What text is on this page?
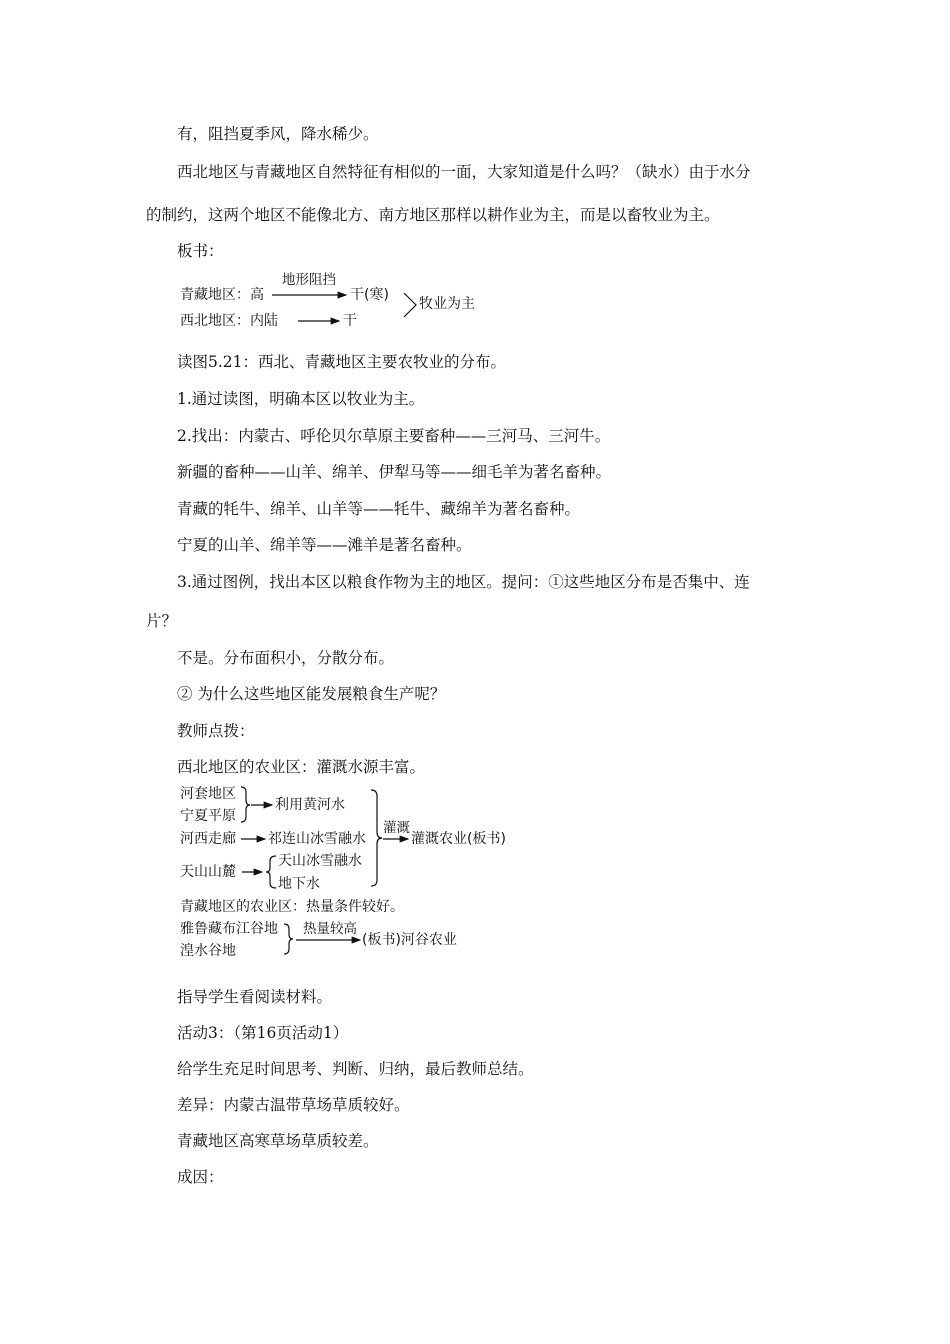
有，阻挡夏季风，降水稀少。
西北地区与青藏地区自然特征有相似的一面，大家知道是什么吗？（缺水）由于水分
的制约，这两个地区不能像北方、南方地区那样以耕作业为主，而是以畜牧业为主。
板书：
青藏地区：高
地形阻挡
干(寒)
西北地区：内陆	干
牧业为主
读图5.21：西北、青藏地区主要农牧业的分布。
1.通过读图，明确本区以牧业为主。
2.找出：内蒙古、呼伦贝尔草原主要畜种——三河马、三河牛。
新疆的畜种——山羊、绵羊、伊犁马等——细毛羊为著名畜种。
青藏的牦牛、绵羊、山羊等——牦牛、藏绵羊为著名畜种。
宁夏的山羊、绵羊等——滩羊是著名畜种。
3.通过图例，找出本区以粮食作物为主的地区。提问：①这些地区分布是否集中、连
片？
不是。分布面积小，分散分布。
② 为什么这些地区能发展粮食生产呢？
教师点拨：
西北地区的农业区：灌溉水源丰富。
河套地区
宁夏平原
利用黄河水
河西走廊 祁连山冰雪融水
灌溉
灌溉农业(板书)
天山山麓
天山冰雪融水
地下水
青藏地区的农业区：热量条件较好。
雅鲁藏布江谷地
湟水谷地
热量较高
(板书)河谷农业
指导学生看阅读材料。
活动3：（第16页活动1）
给学生充足时间思考、判断、归纳，最后教师总结。
差异：内蒙古温带草场草质较好。
青藏地区高寒草场草质较差。
成因：
